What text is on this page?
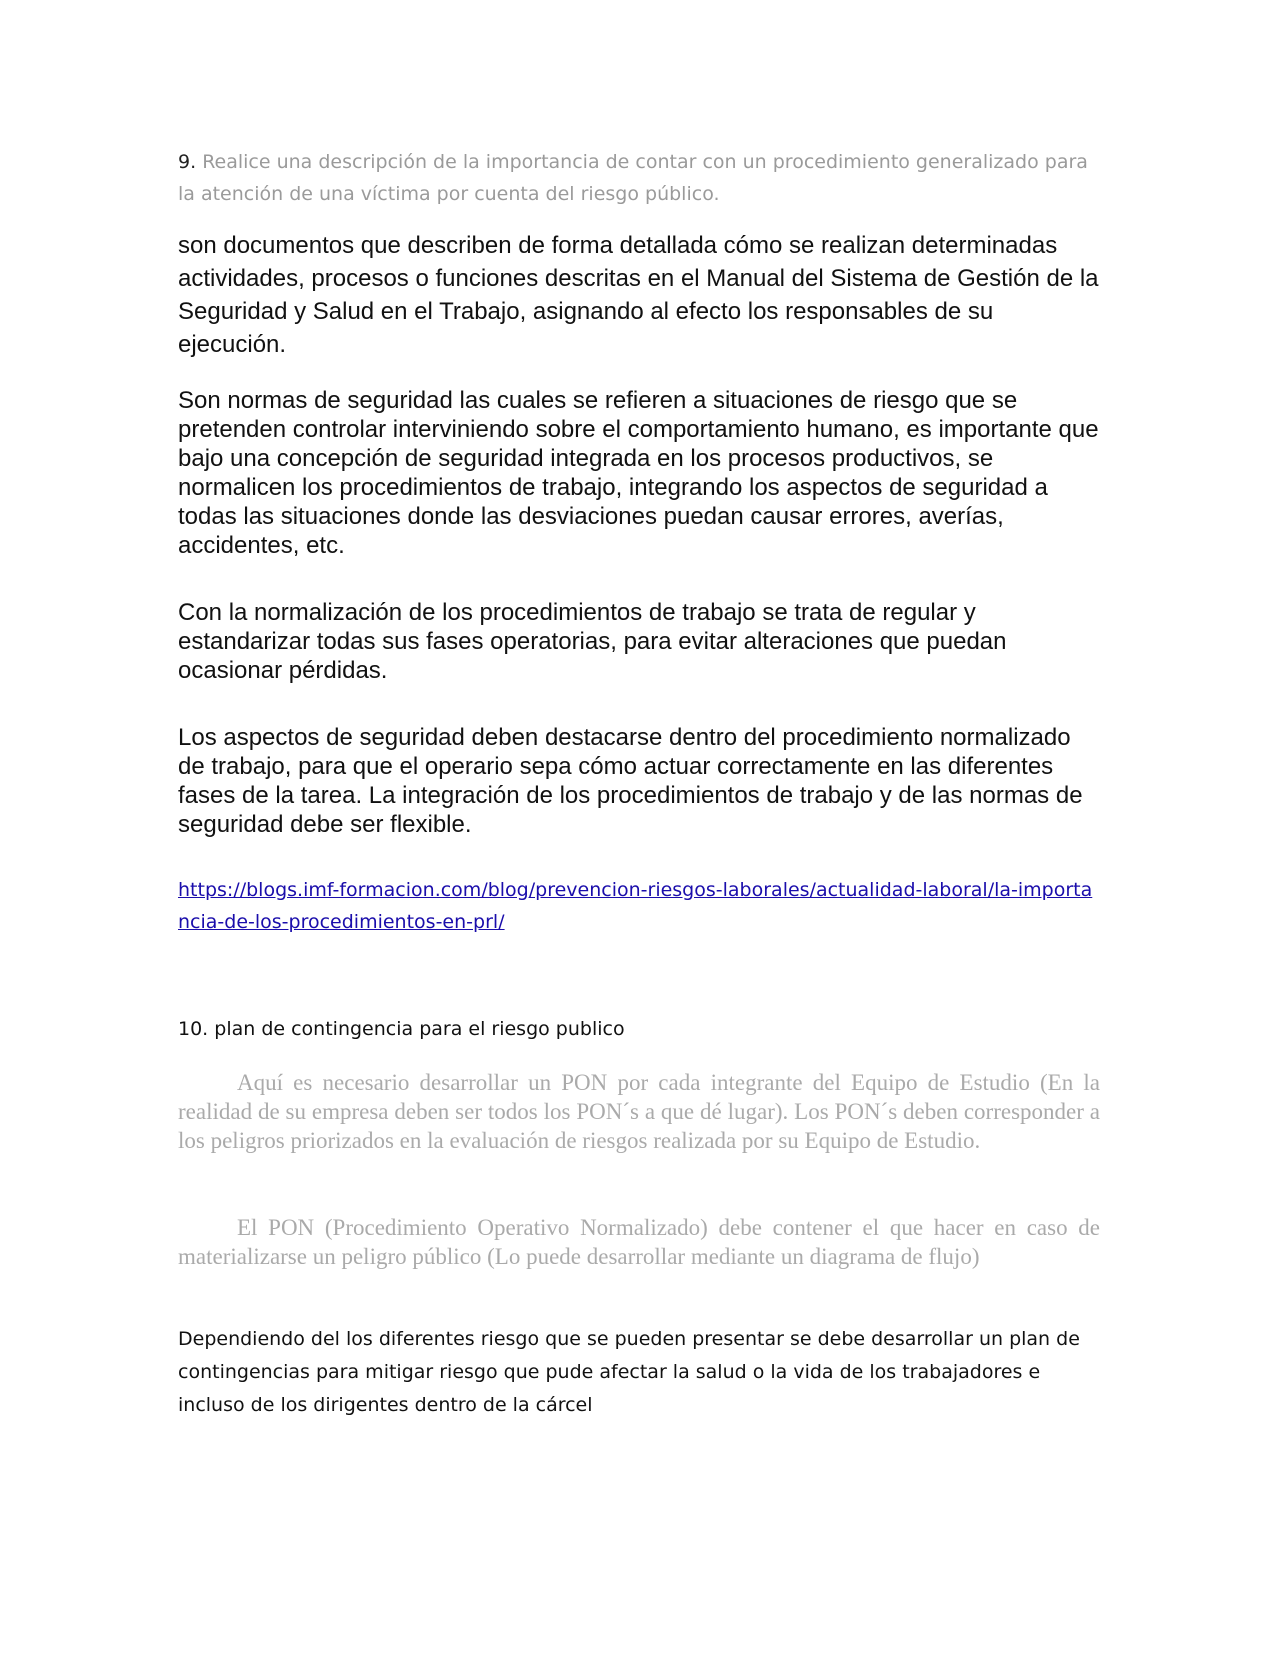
9. Realice una descripción de la importancia de contar con un procedimiento generalizado para la atención de una víctima por cuenta del riesgo público.
son documentos que describen de forma detallada cómo se realizan determinadas actividades, procesos o funciones descritas en el Manual del Sistema de Gestión de la Seguridad y Salud en el Trabajo, asignando al efecto los responsables de su ejecución.
Son normas de seguridad las cuales se refieren a situaciones de riesgo que se pretenden controlar interviniendo sobre el comportamiento humano, es importante que bajo una concepción de seguridad integrada en los procesos productivos, se normalicen los procedimientos de trabajo, integrando los aspectos de seguridad a todas las situaciones donde las desviaciones puedan causar errores, averías, accidentes, etc.
Con la normalización de los procedimientos de trabajo se trata de regular y estandarizar todas sus fases operatorias, para evitar alteraciones que puedan ocasionar pérdidas.
Los aspectos de seguridad deben destacarse dentro del procedimiento normalizado de trabajo, para que el operario sepa cómo actuar correctamente en las diferentes fases de la tarea. La integración de los procedimientos de trabajo y de las normas de seguridad debe ser flexible.
https://blogs.imf-formacion.com/blog/prevencion-riesgos-laborales/actualidad-laboral/la-importancia-de-los-procedimientos-en-prl/
10. plan de contingencia para el riesgo publico
Aquí es necesario desarrollar un PON por cada integrante del Equipo de Estudio (En la realidad de su empresa deben ser todos los PON´s a que dé lugar). Los PON´s deben corresponder a los peligros priorizados en la evaluación de riesgos realizada por su Equipo de Estudio.
El PON (Procedimiento Operativo Normalizado) debe contener el que hacer en caso de materializarse un peligro público (Lo puede desarrollar mediante un diagrama de flujo)
Dependiendo del los diferentes riesgo que se pueden presentar se debe desarrollar un plan de contingencias para mitigar riesgo que pude afectar la salud o la vida de los trabajadores e incluso de los dirigentes dentro de la cárcel
